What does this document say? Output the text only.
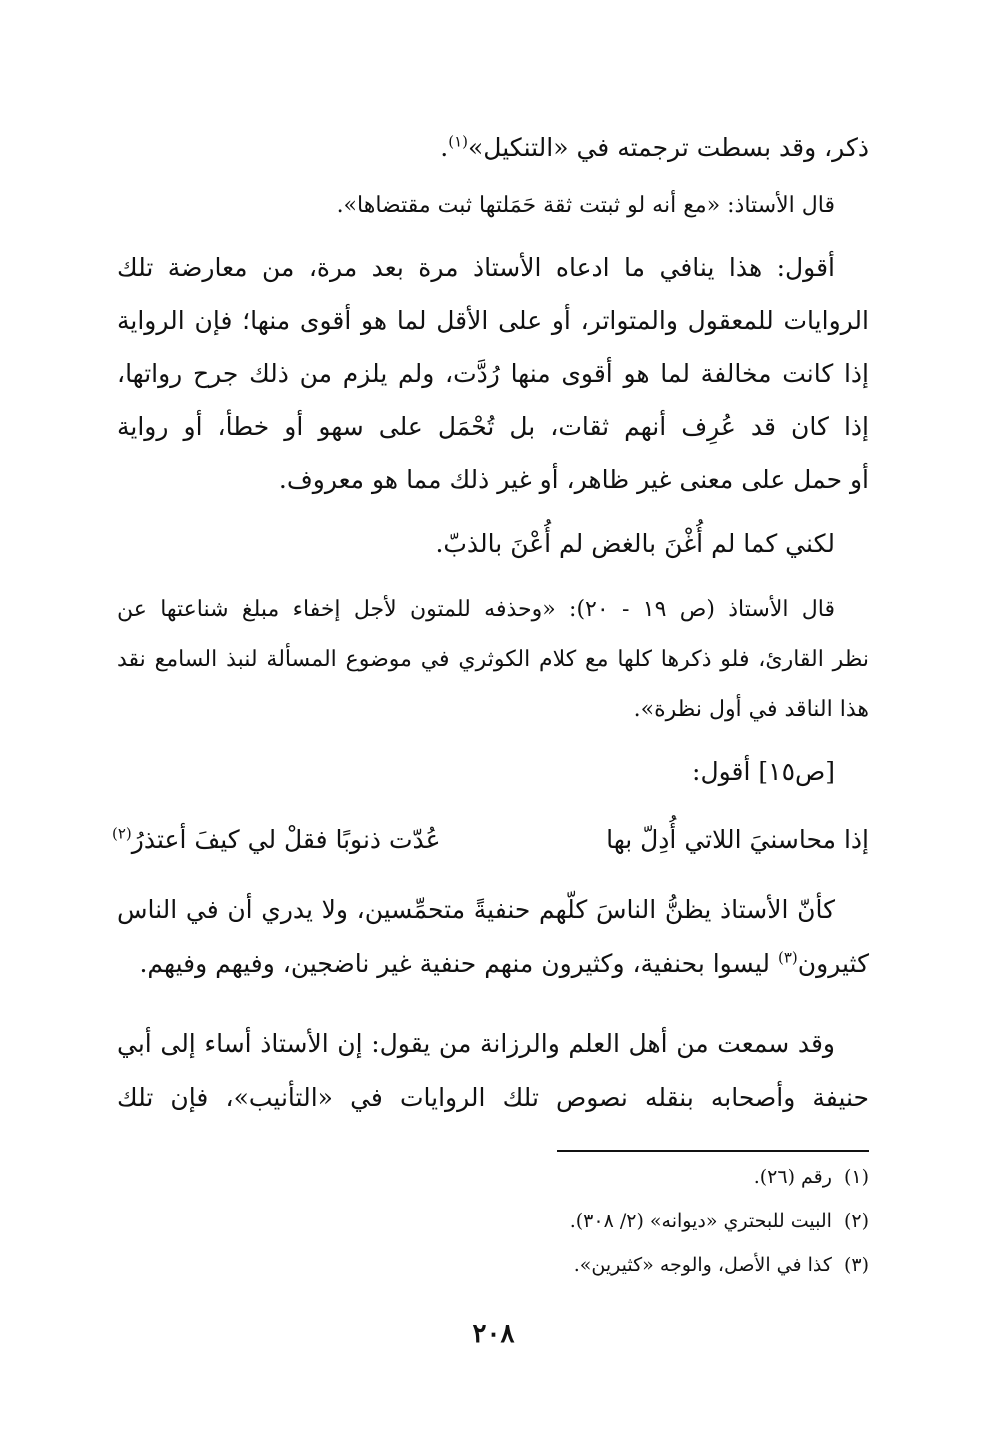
ذكر، وقد بسطت ترجمته في «التنكيل»$^{(١)}$.
قال الأستاذ: «مع أنه لو ثبتت ثقة حَمَلتها ثبت مقتضاها».
أقول: هذا ينافي ما ادعاه الأستاذ مرة بعد مرة، من معارضة تلك
الروايات للمعقول والمتواتر، أو على الأقل لما هو أقوى منها؛ فإن الرواية
إذا كانت مخالفة لما هو أقوى منها رُدَّت، ولم يلزم من ذلك جرح رواتها،
إذا كان قد عُرِف أنهم ثقات، بل تُحْمَل على سهو أو خطأ، أو رواية
أو حمل على معنى غير ظاهر، أو غير ذلك مما هو معروف.
لكني كما لم أُغْنَ بالغض لم أُعْنَ بالذبّ.
قال الأستاذ (ص ١٩ - ٢٠): «وحذفه للمتون لأجل إخفاء مبلغ شناعتها عن
نظر القارئ، فلو ذكرها كلها مع كلام الكوثري في موضوع المسألة لنبذ السامع نقد
هذا الناقد في أول نظرة».
[ص١٥] أقول:
إذا محاسنيَ اللاتي أُدِلّ بها
عُدّت ذنوبًا فقلْ لي كيفَ أعتذرُ$^{(٢)}$
كأنّ الأستاذ يظنُّ الناسَ كلّهم حنفيةً متحمِّسين، ولا يدري أن في الناس
كثيرون$^{(٣)}$ ليسوا بحنفية، وكثيرون منهم حنفية غير ناضجين، وفيهم وفيهم.
وقد سمعت من أهل العلم والرزانة من يقول: إن الأستاذ أساء إلى أبي
حنيفة وأصحابه بنقله نصوص تلك الروايات في «التأنيب»، فإن تلك
(١)رقم (٢٦).
(٢)البيت للبحتري «ديوانه» (٢/ ٣٠٨).
(٣)كذا في الأصل، والوجه «كثيرين».
٢٠٨
